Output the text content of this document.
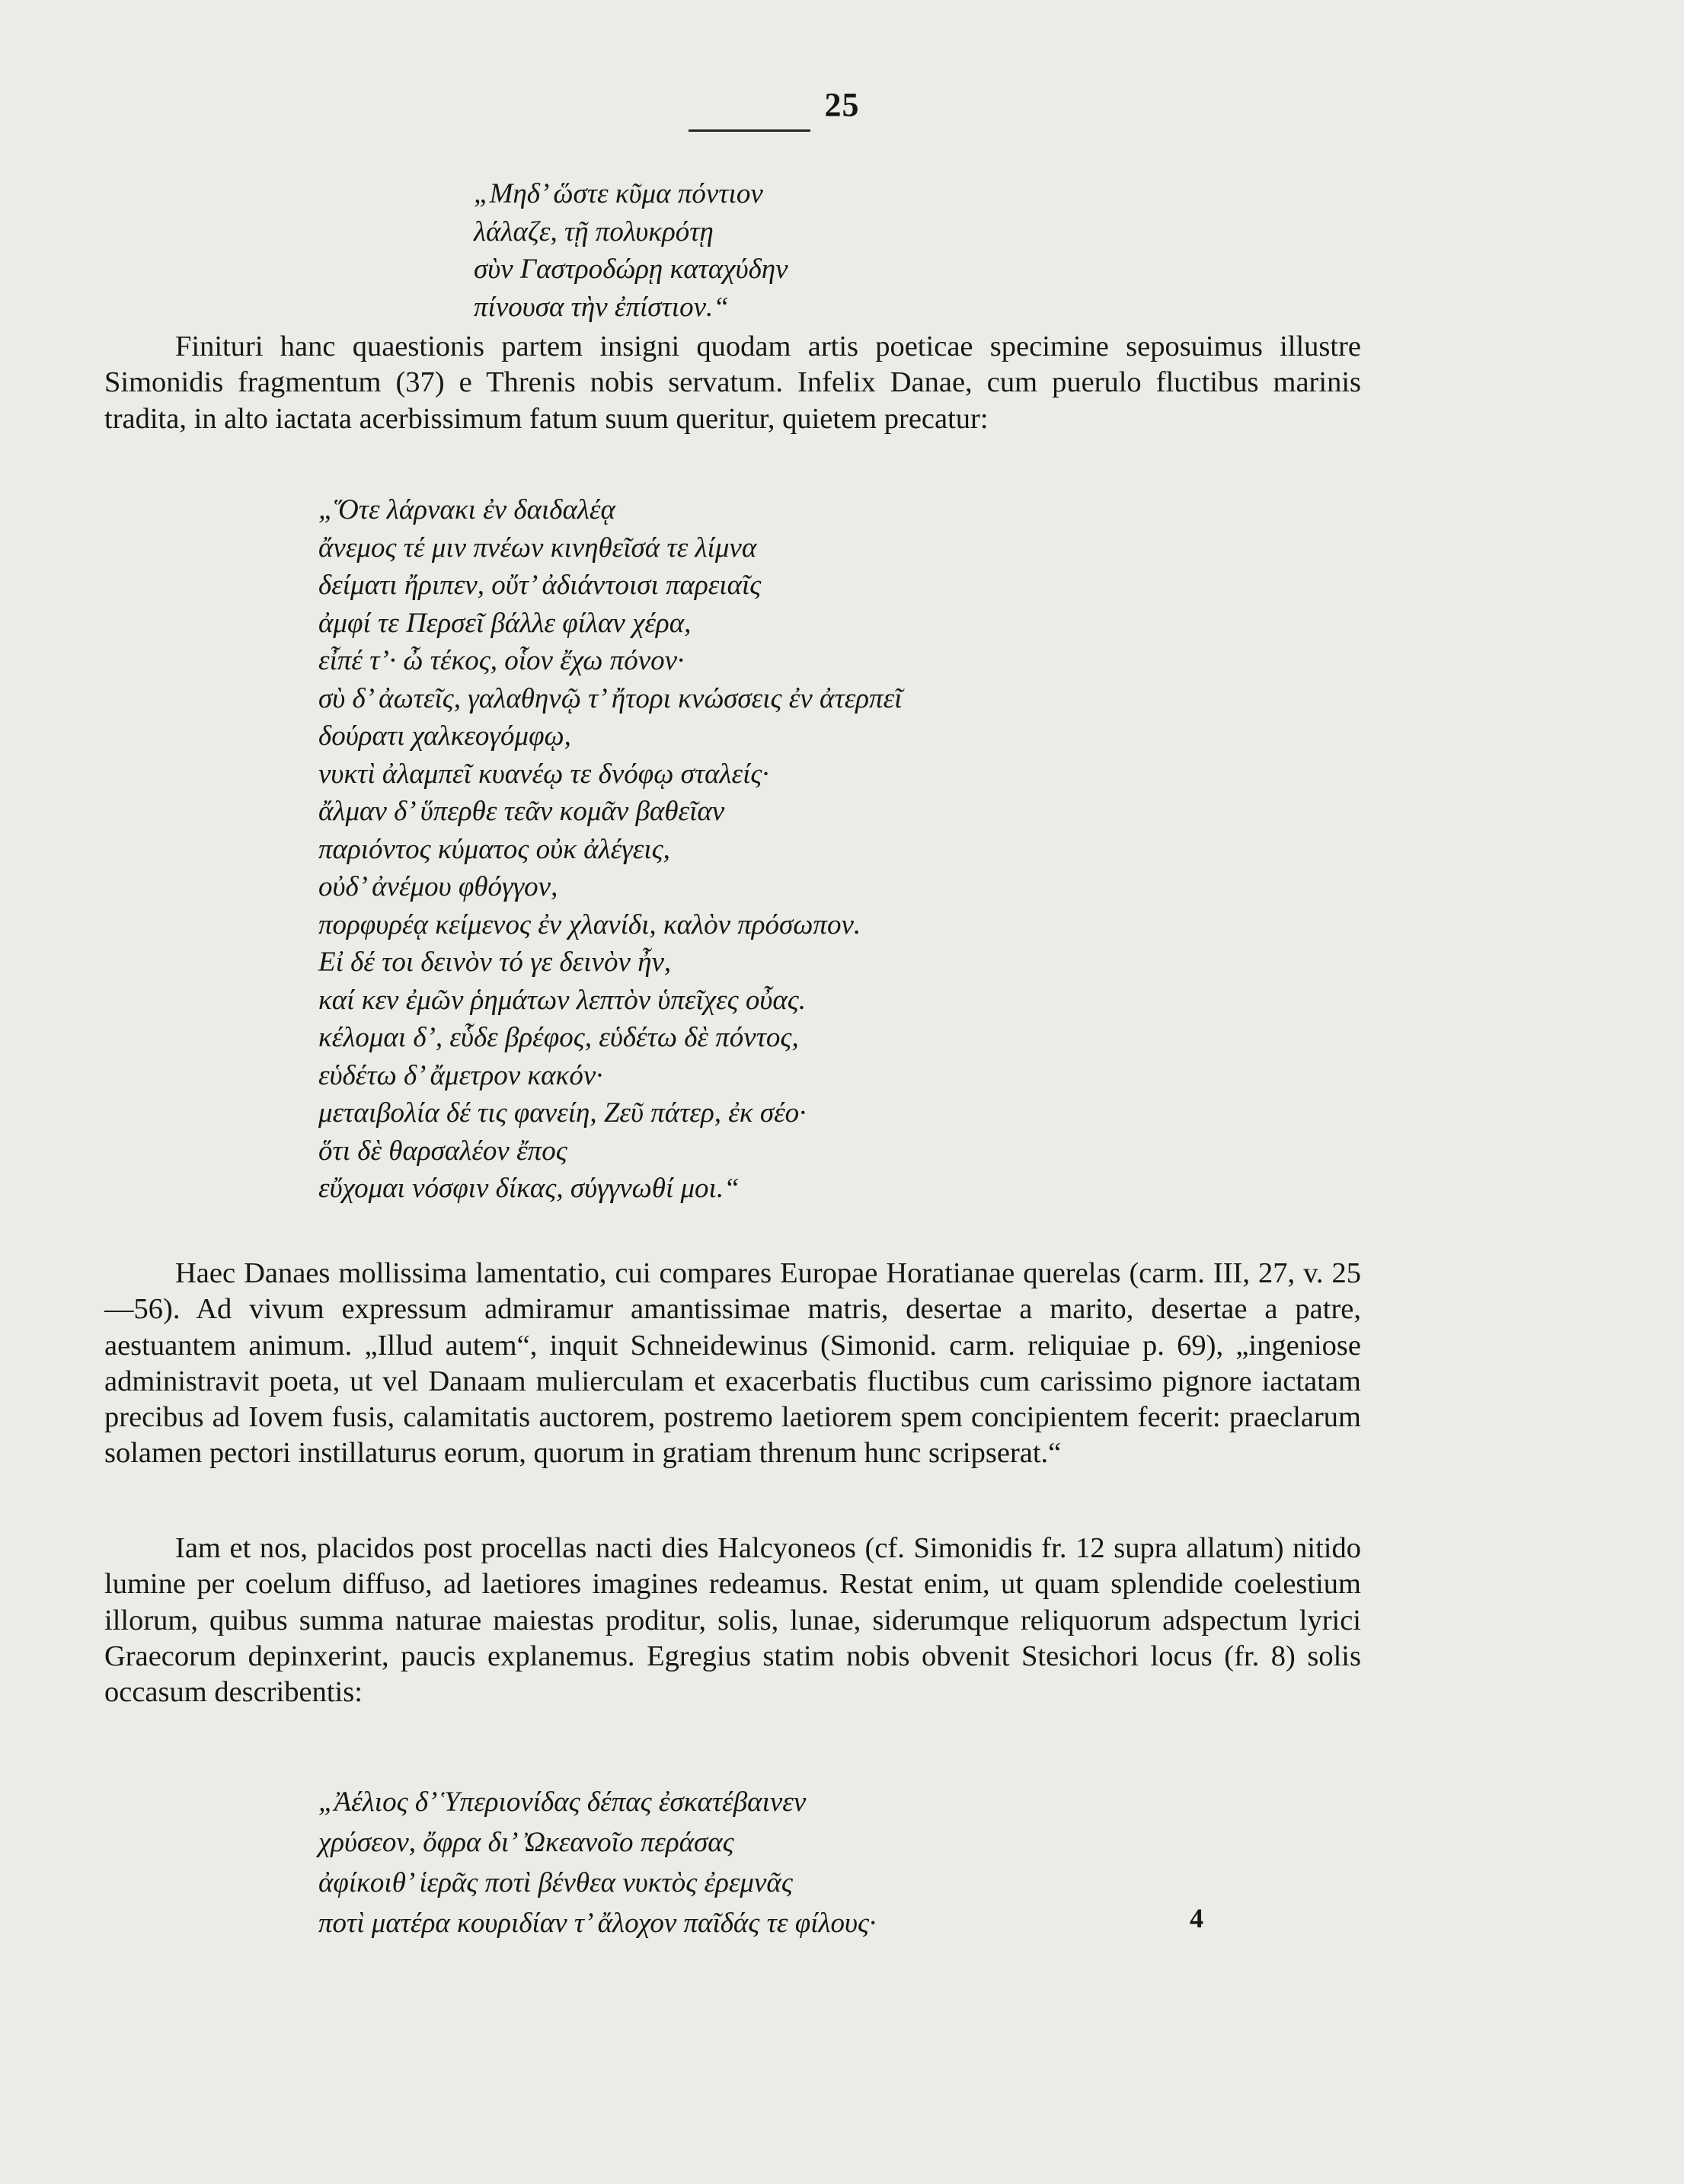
25
„Μηδ’ ὥστε κῦμα πόντιον
λάλαζε, τῇ πολυκρότῃ
σὺν Γαστροδώρῃ καταχύδην
πίνουσα τὴν ἐπίστιον.“

Finituri hanc quaestionis partem insigni quodam artis poeticae specimine seposuimus illustre Simonidis fragmentum (37) e Threnis nobis servatum. Infelix Danae, cum puerulo fluctibus marinis tradita, in alto iactata acerbissimum fatum suum queritur, quietem precatur:

„Ὅτε λάρνακι ἐν δαιδαλέᾳ
ἄνεμος τέ μιν πνέων κινηθεῖσά τε λίμνα
δείματι ἤριπεν, οὔτ’ ἀδιάντοισι παρειαῖς
ἀμφί τε Περσεῖ βάλλε φίλαν χέρα,
εἶπέ τ’· ὦ τέκος, οἷον ἔχω πόνον·
σὺ δ’ ἀωτεῖς, γαλαθηνῷ τ’ ἤτορι κνώσσεις ἐν ἀτερπεῖ
δούρατι χαλκεογόμφῳ,
νυκτὶ ἀλαμπεῖ κυανέῳ τε δνόφῳ σταλείς·
ἄλμαν δ’ ὕπερθε τεᾶν κομᾶν βαθεῖαν
παριόντος κύματος οὐκ ἀλέγεις,
οὐδ’ ἀνέμου φθόγγον,
πορφυρέᾳ κείμενος ἐν χλανίδι, καλὸν πρόσωπον.
Εἰ δέ τοι δεινὸν τό γε δεινὸν ἦν,
καί κεν ἐμῶν ῥημάτων λεπτὸν ὑπεῖχες οὖας.
κέλομαι δ’, εὗδε βρέφος, εὑδέτω δὲ πόντος,
εὑδέτω δ’ ἄμετρον κακόν·
μεταιβολία δέ τις φανείη, Ζεῦ πάτερ, ἐκ σέο·
ὅτι δὲ θαρσαλέον ἔπος
εὔχομαι νόσφιν δίκας, σύγγνωθί μοι.“

Haec Danaes mollissima lamentatio, cui compares Europae Horatianae querelas (carm. III, 27, v. 25—56). Ad vivum expressum admiramur amantissimae matris, desertae a marito, desertae a patre, aestuantem animum. „Illud autem“, inquit Schneidewinus (Simonid. carm. reliquiae p. 69), „ingeniose administravit poeta, ut vel Danaam mulierculam et exacerbatis fluctibus cum carissimo pignore iactatam precibus ad Iovem fusis, calamitatis auctorem, postremo laetiorem spem concipientem fecerit: praeclarum solamen pectori instillaturus eorum, quorum in gratiam threnum hunc scripserat.“

Iam et nos, placidos post procellas nacti dies Halcyoneos (cf. Simonidis fr. 12 supra allatum) nitido lumine per coelum diffuso, ad laetiores imagines redeamus. Restat enim, ut quam splendide coelestium illorum, quibus summa naturae maiestas proditur, solis, lunae, siderumque reliquorum adspectum lyrici Graecorum depinxerint, paucis explanemus. Egregius statim nobis obvenit Stesichori locus (fr. 8) solis occasum describentis:

„Ἀέλιος δ’ Ὑπεριονίδας δέπας ἐσκατέβαινεν
χρύσεον, ὄφρα δι’ Ὠκεανοῖο περάσας
ἀφίκοιθ’ ἱερᾶς ποτὶ βένθεα νυκτὸς ἐρεμνᾶς
ποτὶ ματέρα κουριδίαν τ’ ἄλοχον παῖδάς τε φίλους·	4
